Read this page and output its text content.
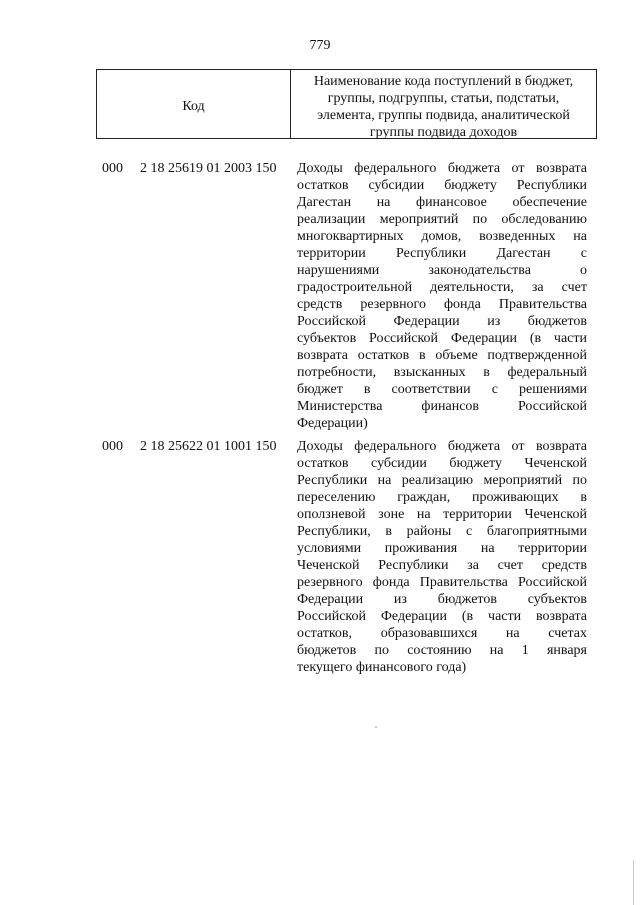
779
Код
Наименование кода поступлений в бюджет,
группы, подгруппы, статьи, подстатьи,
элемента, группы подвида, аналитической
группы подвида доходов
000 2 18 25619 01 2003 150 Доходы федерального бюджета от возврата
остатков субсидии бюджету Республики
Дагестан на финансовое обеспечение
реализации мероприятий по обследованию
многоквартирных домов, возведенных на
территории Республики Дагестан с
нарушениями законодательства о
градостроительной деятельности, за счет
средств резервного фонда Правительства
Российской Федерации из бюджетов
субъектов Российской Федерации (в части
возврата остатков в объеме подтвержденной
потребности, взысканных в федеральный
бюджет в соответствии с решениями
Министерства финансов Российской
Федерации)
000 2 18 25622 01 1001 150 Доходы федерального бюджета от возврата
остатков субсидии бюджету Чеченской
Республики на реализацию мероприятий по
переселению граждан, проживающих в
оползневой зоне на территории Чеченской
Республики, в районы с благоприятными
условиями проживания на территории
Чеченской Республики за счет средств
резервного фонда Правительства Российской
Федерации из бюджетов субъектов
Российской Федерации (в части возврата
остатков, образовавшихся на счетах
бюджетов по состоянию на 1 января
текущего финансового года)
